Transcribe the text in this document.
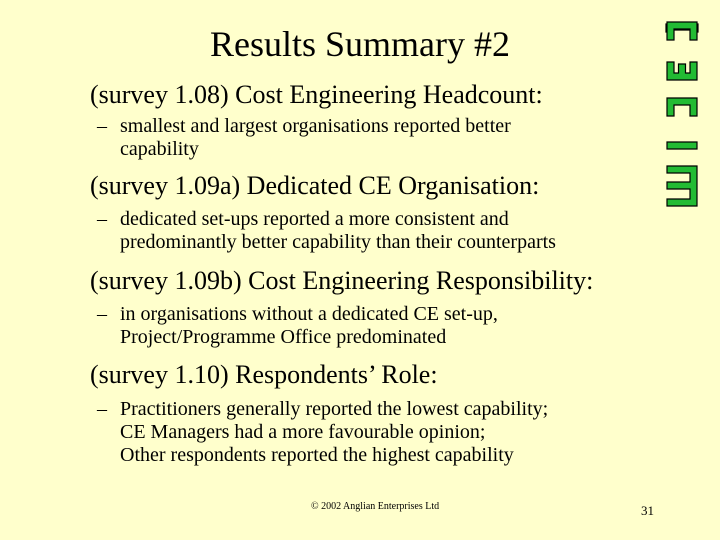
Results Summary #2
(survey 1.08) Cost Engineering Headcount:
– smallest and largest organisations reported better
capability
(survey 1.09a) Dedicated CE Organisation:
– dedicated set-ups reported a more consistent and
predominantly better capability than their counterparts
(survey 1.09b) Cost Engineering Responsibility:
– in organisations without a dedicated CE set-up,
Project/Programme Office predominated
(survey 1.10) Respondents’ Role:
– Practitioners generally reported the lowest capability;
CE Managers had a more favourable opinion;
Other respondents reported the highest capability
© 2002 Anglian Enterprises Ltd	31
